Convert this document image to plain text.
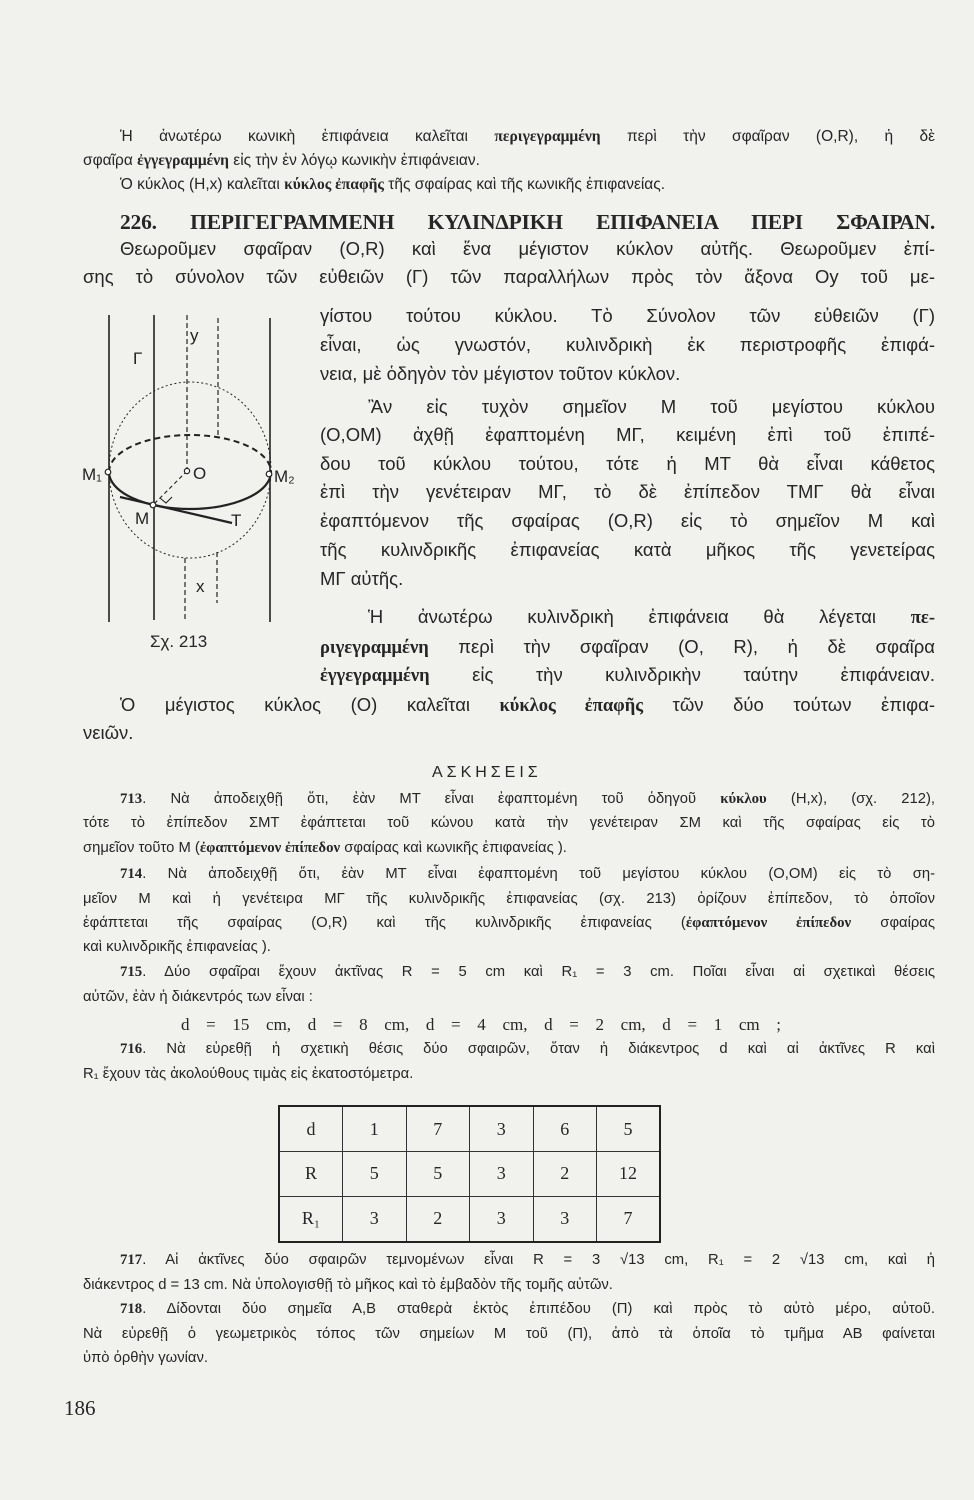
Ἡ ἀνωτέρω κωνικὴ ἐπιφάνεια καλεῖται περιγεγραμμένη περὶ τὴν σφαῖραν (Ο,R), ἡ δὲ
σφαῖρα ἐγγεγραμμένη εἰς τὴν ἐν λόγῳ κωνικὴν ἐπιφάνειαν.
Ὁ κύκλος (Η,x) καλεῖται κύκλος ἐπαφῆς τῆς σφαίρας καὶ τῆς κωνικῆς ἐπιφανείας.
226. ΠΕΡΙΓΕΓΡΑΜΜΕΝΗ ΚΥΛΙΝΔΡΙΚΗ ΕΠΙΦΑΝΕΙΑ ΠΕΡΙ ΣΦΑΙΡΑΝ.
Θεωροῦμεν σφαῖραν (Ο,R) καὶ ἕνα μέγιστον κύκλον αὐτῆς. Θεωροῦμεν ἐπί-
σης τὸ σύνολον τῶν εὐθειῶν (Γ) τῶν παραλλήλων πρὸς τὸν ἄξονα Οy τοῦ με-
γίστου τούτου κύκλου. Τὸ Σύνολον τῶν εὐθειῶν (Γ)
εἶναι, ὡς γνωστόν, κυλινδρικὴ ἐκ περιστροφῆς ἐπιφά-
νεια, μὲ ὁδηγὸν τὸν μέγιστον τοῦτον κύκλον.
Ἂν εἰς τυχὸν σημεῖον Μ τοῦ μεγίστου κύκλου
(Ο,ΟΜ) ἀχθῇ ἐφαπτομένη ΜΓ, κειμένη ἐπὶ τοῦ ἐπιπέ-
δου τοῦ κύκλου τούτου, τότε ἡ ΜΤ θὰ εἶναι κάθετος
ἐπὶ τὴν γενέτειραν ΜΓ, τὸ δὲ ἐπίπεδον ΤΜΓ θὰ εἶναι
ἐφαπτόμενον τῆς σφαίρας (Ο,R) εἰς τὸ σημεῖον Μ καὶ
τῆς κυλινδρικῆς ἐπιφανείας κατὰ μῆκος τῆς γενετείρας
ΜΓ αὐτῆς.
Ἡ ἀνωτέρω κυλινδρικὴ ἐπιφάνεια θὰ λέγεται πε-
ριγεγραμμένη περὶ τὴν σφαῖραν (Ο, R), ἡ δὲ σφαῖρα
ἐγγεγραμμένη εἰς τὴν κυλινδρικὴν ταύτην ἐπιφάνειαν.
Ὁ μέγιστος κύκλος (Ο) καλεῖται κύκλος ἐπαφῆς τῶν δύο τούτων ἐπιφα-
νειῶν.
y
Γ
O
M₁	M₂
M	T
x
Σχ. 213
ΑΣΚΗΣΕΙΣ
713. Νὰ ἀποδειχθῇ ὅτι, ἐὰν ΜΤ εἶναι ἐφαπτομένη τοῦ ὁδηγοῦ κύκλου (Η,x), (σχ. 212),
τότε τὸ ἐπίπεδον ΣΜΤ ἐφάπτεται τοῦ κώνου κατὰ τὴν γενέτειραν ΣΜ καὶ τῆς σφαίρας εἰς τὸ
σημεῖον τοῦτο Μ (ἐφαπτόμενον ἐπίπεδον σφαίρας καὶ κωνικῆς ἐπιφανείας ).
714. Νὰ ἀποδειχθῇ ὅτι, ἐὰν ΜΤ εἶναι ἐφαπτομένη τοῦ μεγίστου κύκλου (Ο,ΟΜ) εἰς τὸ ση-
μεῖον Μ καὶ ἡ γενέτειρα ΜΓ τῆς κυλινδρικῆς ἐπιφανείας (σχ. 213) ὁρίζουν ἐπίπεδον, τὸ ὁποῖον
ἐφάπτεται τῆς σφαίρας (Ο,R) καὶ τῆς κυλινδρικῆς ἐπιφανείας (ἐφαπτόμενον ἐπίπεδον σφαίρας
καὶ κυλινδρικῆς ἐπιφανείας ).
715. Δύο σφαῖραι ἔχουν ἀκτῖνας R = 5 cm καὶ R₁ = 3 cm. Ποῖαι εἶναι αἱ σχετικαὶ θέσεις
αὐτῶν, ἐὰν ἡ διάκεντρός των εἶναι :
d = 15 cm, d = 8 cm, d = 4 cm, d = 2 cm, d = 1 cm ;
716. Νὰ εὑρεθῇ ἡ σχετικὴ θέσις δύο σφαιρῶν, ὅταν ἡ διάκεντρος d καὶ αἱ ἀκτῖνες R καὶ
R₁ ἔχουν τὰς ἀκολούθους τιμὰς εἰς ἑκατοστόμετρα.
d	1	7	3	6	5
R	5	5	3	2	12
R₁	3	2	3	3	7
717. Αἱ ἀκτῖνες δύο σφαιρῶν τεμνομένων εἶναι R = 3 √13 cm, R₁ = 2 √13 cm, καὶ ἡ
διάκεντρος d = 13 cm. Νὰ ὑπολογισθῇ τὸ μῆκος καὶ τὸ ἐμβαδὸν τῆς τομῆς αὐτῶν.
718. Δίδονται δύο σημεῖα Α,Β σταθερὰ ἐκτὸς ἐπιπέδου (Π) καὶ πρὸς τὸ αὐτὸ μέρο, αὐτοῦ.
Νὰ εὑρεθῇ ὁ γεωμετρικὸς τόπος τῶν σημείων Μ τοῦ (Π), ἀπὸ τὰ ὁποῖα τὸ τμῆμα ΑΒ φαίνεται
ὑπὸ ὀρθὴν γωνίαν.
186
